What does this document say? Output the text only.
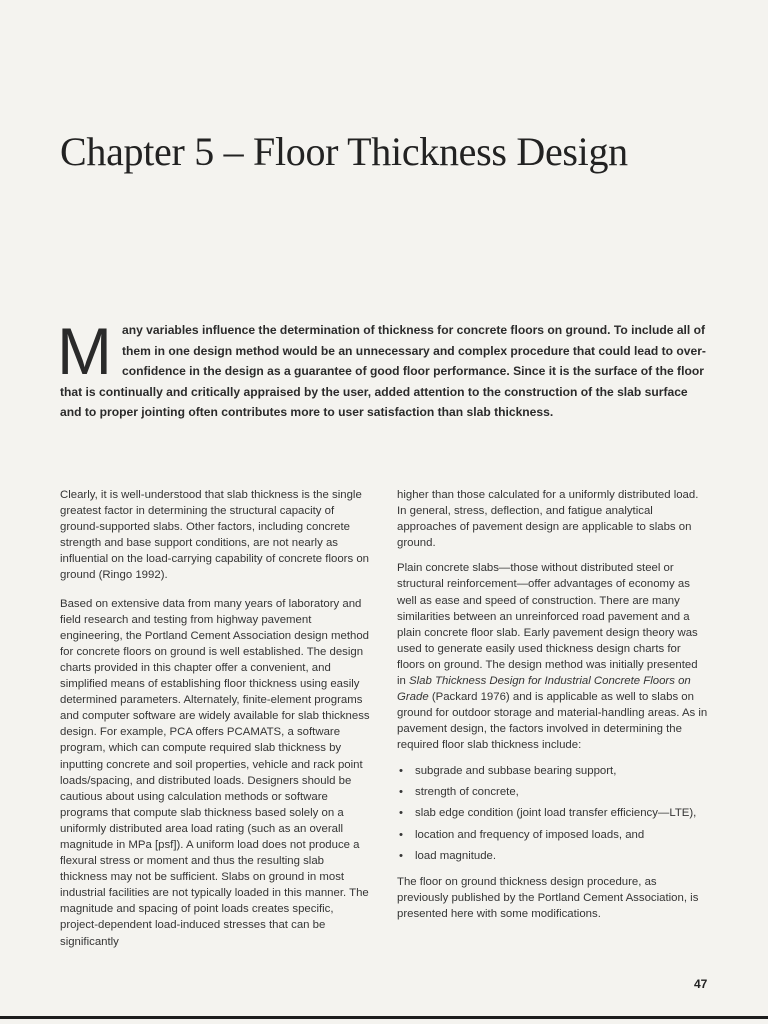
Chapter 5 – Floor Thickness Design
M any variables influence the determination of thickness for concrete floors on ground. To include all of them in one design method would be an unnecessary and complex procedure that could lead to over-confidence in the design as a guarantee of good floor performance. Since it is the surface of the floor that is continually and critically appraised by the user, added attention to the construction of the slab surface and to proper jointing often contributes more to user satisfaction than slab thickness.

Clearly, it is well-understood that slab thickness is the single greatest factor in determining the structural capacity of ground-supported slabs. Other factors, including concrete strength and base support conditions, are not nearly as influential on the load-carrying capability of concrete floors on ground (Ringo 1992).

Based on extensive data from many years of laboratory and field research and testing from highway pavement engineering, the Portland Cement Association design method for concrete floors on ground is well established. The design charts provided in this chapter offer a convenient, and simplified means of establishing floor thickness using easily determined parameters. Alternately, finite-element programs and computer software are widely available for slab thickness design. For example, PCA offers PCAMATS, a software program, which can compute required slab thickness by inputting concrete and soil properties, vehicle and rack point loads/spacing, and distributed loads. Designers should be cautious about using calculation methods or software programs that compute slab thickness based solely on a uniformly distributed area load rating (such as an overall magnitude in MPa [psf]). A uniform load does not produce a flexural stress or moment and thus the resulting slab thickness may not be sufficient. Slabs on ground in most industrial facilities are not typically loaded in this manner. The magnitude and spacing of point loads creates specific, project-dependent load-induced stresses that can be significantly

higher than those calculated for a uniformly distributed load. In general, stress, deflection, and fatigue analytical approaches of pavement design are applicable to slabs on ground.

Plain concrete slabs—those without distributed steel or structural reinforcement—offer advantages of economy as well as ease and speed of construction. There are many similarities between an unreinforced road pavement and a plain concrete floor slab. Early pavement design theory was used to generate easily used thickness design charts for floors on ground. The design method was initially presented in Slab Thickness Design for Industrial Concrete Floors on Grade (Packard 1976) and is applicable as well to slabs on ground for outdoor storage and material-handling areas. As in pavement design, the factors involved in determining the required floor slab thickness include:

• subgrade and subbase bearing support,
• strength of concrete,
• slab edge condition (joint load transfer efficiency—LTE),
• location and frequency of imposed loads, and
• load magnitude.

The floor on ground thickness design procedure, as previously published by the Portland Cement Association, is presented here with some modifications.

47
